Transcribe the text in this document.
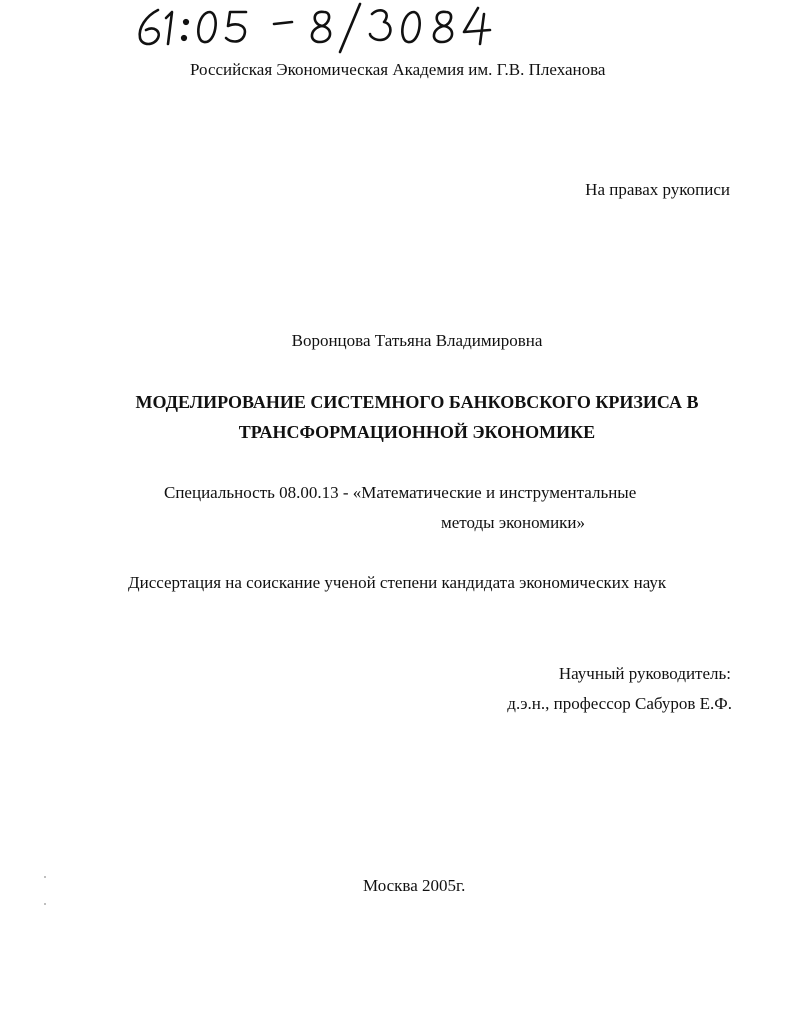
Российская Экономическая Академия им. Г.В. Плеханова
На правах рукописи
Воронцова Татьяна Владимировна
МОДЕЛИРОВАНИЕ СИСТЕМНОГО БАНКОВСКОГО КРИЗИСА В
ТРАНСФОРМАЦИОННОЙ ЭКОНОМИКЕ
Специальность 08.00.13 - «Математические и инструментальные
методы экономики»
Диссертация на соискание ученой степени кандидата экономических наук
Научный руководитель:
д.э.н., профессор Сабуров Е.Ф.
Москва 2005г.
